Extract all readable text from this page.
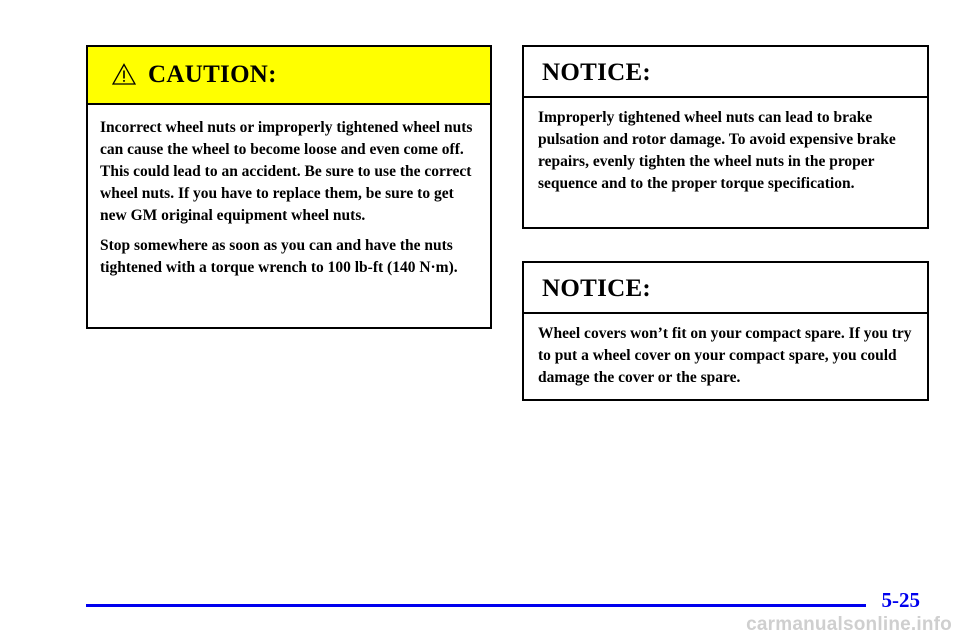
CAUTION:

Incorrect wheel nuts or improperly tightened wheel nuts can cause the wheel to become loose and even come off. This could lead to an accident. Be sure to use the correct wheel nuts. If you have to replace them, be sure to get new GM original equipment wheel nuts.

Stop somewhere as soon as you can and have the nuts tightened with a torque wrench to 100 lb-ft (140 N·m).

NOTICE:

Improperly tightened wheel nuts can lead to brake pulsation and rotor damage. To avoid expensive brake repairs, evenly tighten the wheel nuts in the proper sequence and to the proper torque specification.

NOTICE:

Wheel covers won’t fit on your compact spare. If you try to put a wheel cover on your compact spare, you could damage the cover or the spare.

5-25
carmanualsonline.info
